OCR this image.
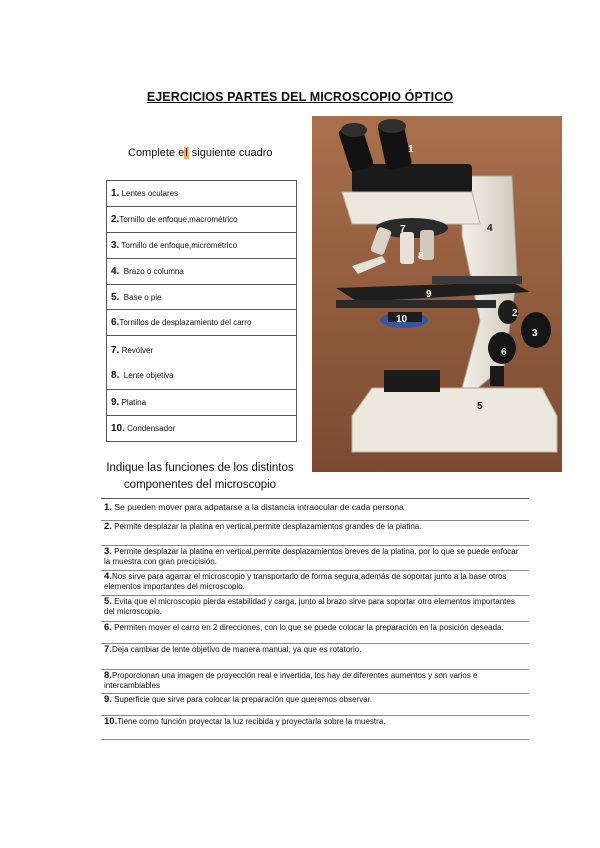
EJERCICIOS PARTES DEL MICROSCOPIO ÓPTICO
Complete el siguiente cuadro
1. Lentes oculares
2.Tornillo de enfoque,macrométrico
3. Tornillo de enfoque,micrométrico
4. Brazo o columna
5. Base o pie
6.Tornillos de desplazamiento del carro

7. Revólver
8. Lente objetiva

9. Platina
10. Condensador
1
2
3
4
5
6
7
8
9
10
Indique las funciones de los distintos
componentes del microscopio
1. Se pueden mover para adpatarse a la distancia intraocular de cada persona
2. Permite desplazar la platina en vertical,permite desplazamientos grandes de la platina.
3. Permite desplazar la platina en vertical,permite desplazamientos breves de la platina, por lo que se puede enfocar la muestra con gran precicisión.
4.Nos sirve para agarrar el microscopio y transportarlo de forma segura,además de soportar junto a la base otros elementos importantes del microscopio.
5. Evita que el microscopio pierda estabilidad y carga, junto al brazo sirve para soportar otro elementos importantes del microscopio.
6. Permiten mover el carro en 2 direcciones, con lo que se puede colocar la preparación en la posición deseada.
7.Deja cambiar de lente objetivo de manera manual, ya que es rotatorio.
8.Proporcionan una imagen de proyección real e invertida, los hay de diferentes aumentos y son varios e intercambiables
9. Superficie que sirve para colocar la preparación que queremos observar.
10.Tiene como función proyectar la luz recibida y proyectarla sobre la muestra.
